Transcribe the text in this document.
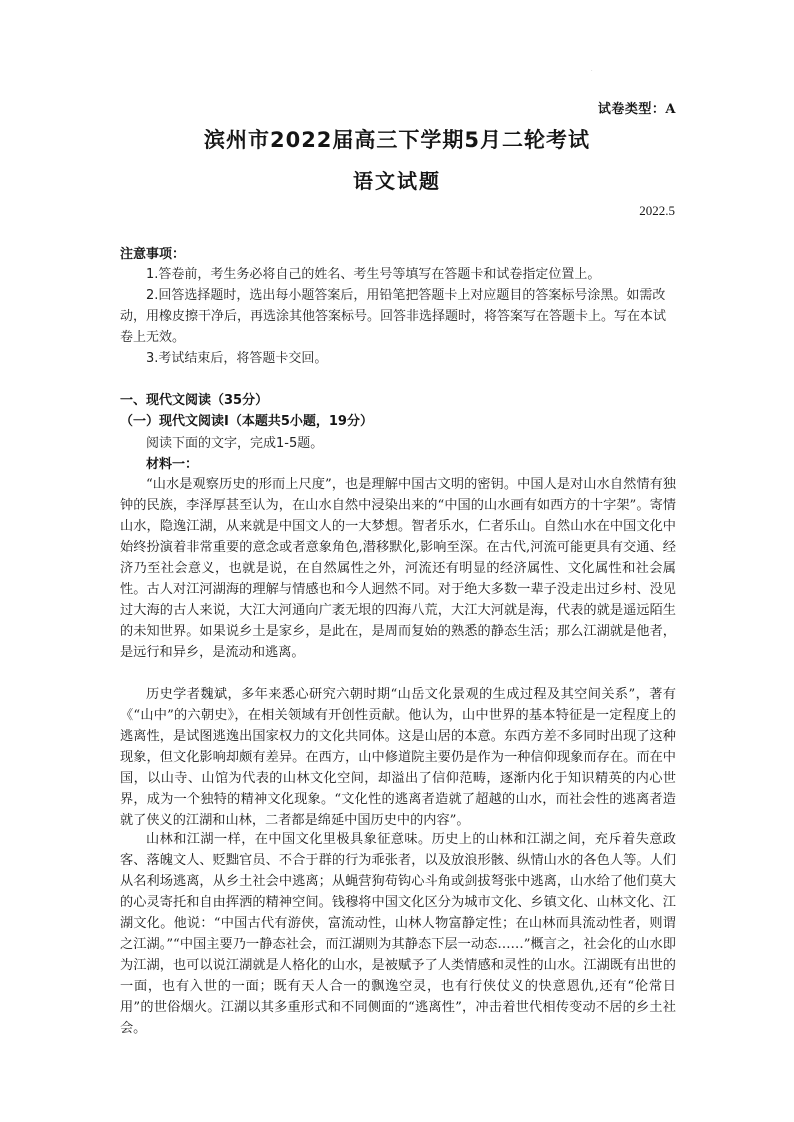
·
试卷类型：A
滨州市2022届高三下学期5月二轮考试
语文试题
2022.5
注意事项：
1.答卷前，考生务必将自己的姓名、考生号等填写在答题卡和试卷指定位置上。
2.回答选择题时，选出每小题答案后，用铅笔把答题卡上对应题目的答案标号涂黑。如需改动，用橡皮擦干净后，再选涂其他答案标号。回答非选择题时，将答案写在答题卡上。写在本试卷上无效。
3.考试结束后，将答题卡交回。
一、现代文阅读（35分）
（一）现代文阅读Ⅰ（本题共5小题，19分）
阅读下面的文字，完成1-5题。
材料一：
“山水是观察历史的形而上尺度”，也是理解中国古文明的密钥。中国人是对山水自然情有独钟的民族，李泽厚甚至认为，在山水自然中浸染出来的“中国的山水画有如西方的十字架”。寄情山水，隐逸江湖，从来就是中国文人的一大梦想。智者乐水，仁者乐山。自然山水在中国文化中始终扮演着非常重要的意念或者意象角色,潜移默化,影响至深。在古代,河流可能更具有交通、经济乃至社会意义，也就是说，在自然属性之外，河流还有明显的经济属性、文化属性和社会属性。古人对江河湖海的理解与情感也和今人迥然不同。对于绝大多数一辈子没走出过乡村、没见过大海的古人来说，大江大河通向广袤无垠的四海八荒，大江大河就是海，代表的就是遥远陌生的未知世界。如果说乡土是家乡，是此在，是周而复始的熟悉的静态生活；那么江湖就是他者，是远行和异乡，是流动和逃离。
历史学者魏斌，多年来悉心研究六朝时期“山岳文化景观的生成过程及其空间关系”，著有《“山中”的六朝史》，在相关领域有开创性贡献。他认为，山中世界的基本特征是一定程度上的逃离性，是试图逃逸出国家权力的文化共同体。这是山居的本意。东西方差不多同时出现了这种现象，但文化影响却颇有差异。在西方，山中修道院主要仍是作为一种信仰现象而存在。而在中国，以山寺、山馆为代表的山林文化空间，却溢出了信仰范畴，逐渐内化于知识精英的内心世界，成为一个独特的精神文化现象。“文化性的逃离者造就了超越的山水，而社会性的逃离者造就了侠义的江湖和山林，二者都是绵延中国历史中的内容”。
山林和江湖一样，在中国文化里极具象征意味。历史上的山林和江湖之间，充斥着失意政客、落魄文人、贬黜官员、不合于群的行为乖张者，以及放浪形骸、纵情山水的各色人等。人们从名利场逃离，从乡土社会中逃离；从蝇营狗苟钩心斗角或剑拔弩张中逃离，山水给了他们莫大的心灵寄托和自由挥洒的精神空间。钱穆将中国文化区分为城市文化、乡镇文化、山林文化、江湖文化。他说：“中国古代有游侠，富流动性，山林人物富静定性；在山林而具流动性者，则谓之江湖。”“中国主要乃一静态社会，而江湖则为其静态下层一动态……”概言之，社会化的山水即为江湖，也可以说江湖就是人格化的山水，是被赋予了人类情感和灵性的山水。江湖既有出世的一面，也有入世的一面；既有天人合一的飘逸空灵，也有行侠仗义的快意恩仇,还有“伦常日用”的世俗烟火。江湖以其多重形式和不同侧面的“逃离性”，冲击着世代相传变动不居的乡土社会。
